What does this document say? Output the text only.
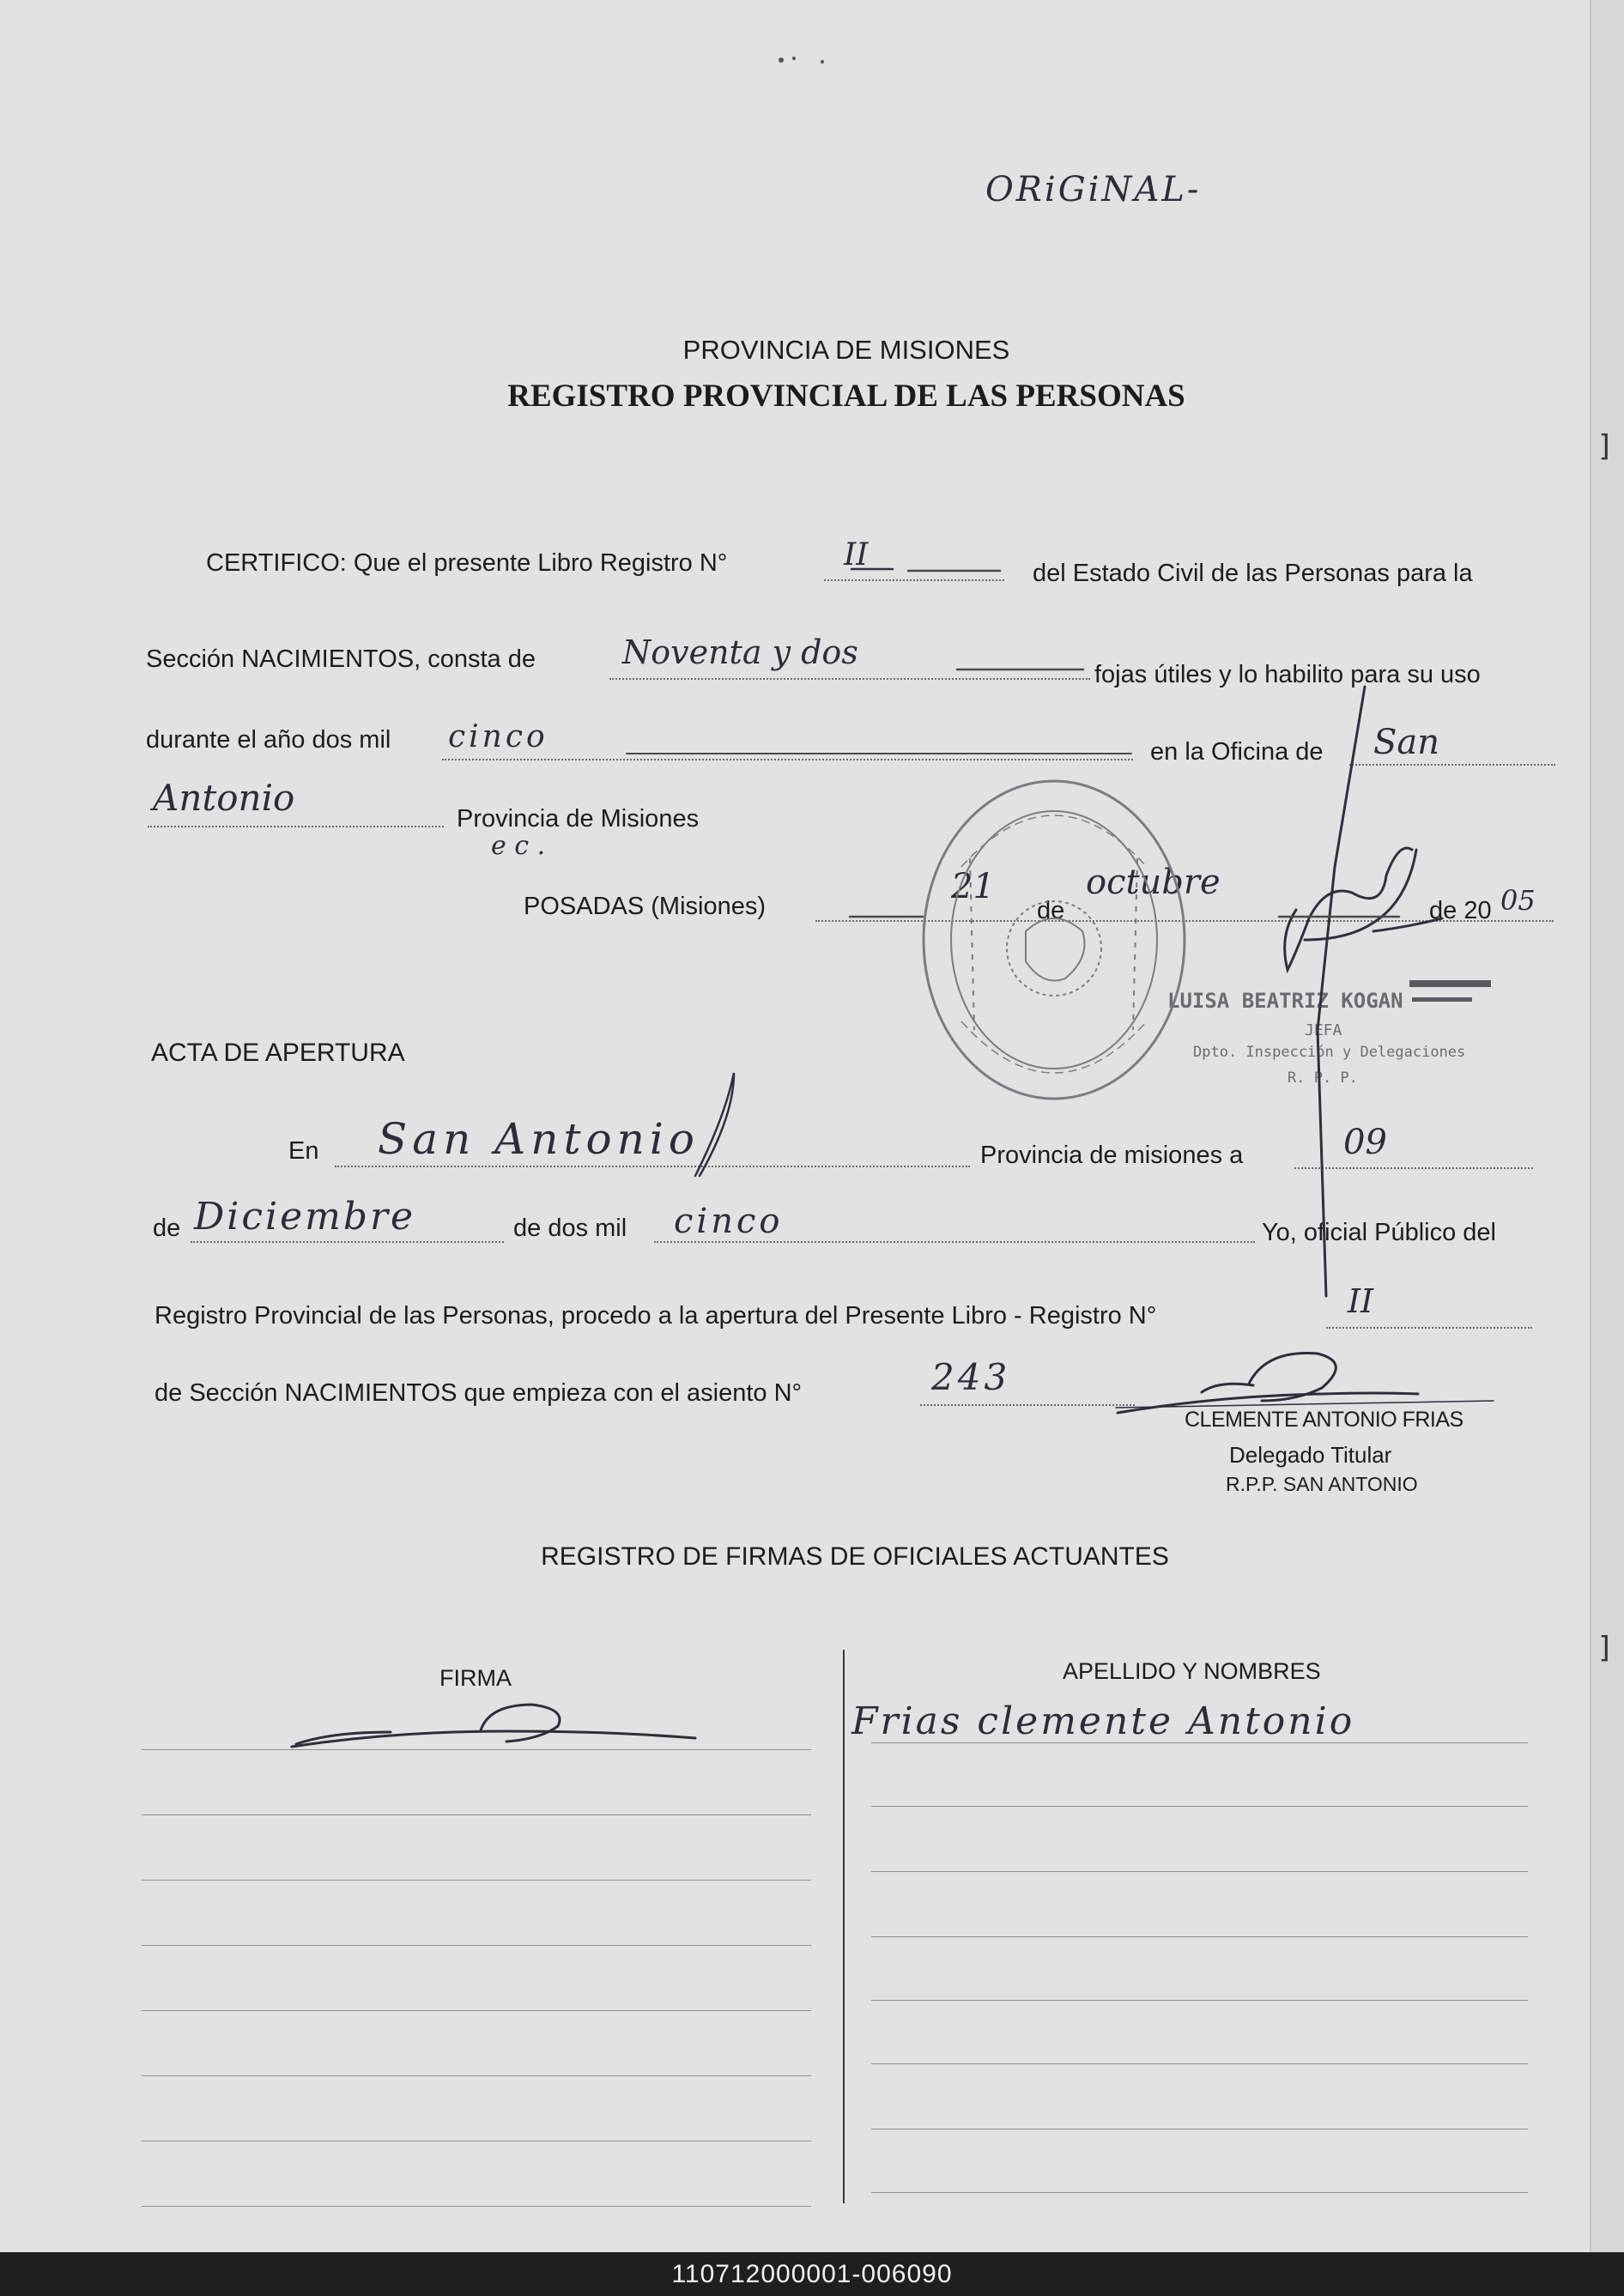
]
]
ORiGiNAL-
PROVINCIA DE MISIONES
REGISTRO PROVINCIAL DE LAS PERSONAS
CERTIFICO: Que el presente Libro Registro N°	II
del Estado Civil de las Personas para la
Sección NACIMIENTOS, consta de	Noventa y dos
fojas útiles y lo habilito para su uso
durante el año dos mil cinco	en la Oficina de San
Antonio	Provincia de Misiones
e c .
POSADAS (Misiones)	21
de
octubre
de 20 05
LUISA BEATRIZ KOGAN
JEFA
Dpto. Inspección y Delegaciones
R. P. P.
ACTA DE APERTURA
En San Antonio	Provincia de misiones a	09
de Diciembre	de dos mil cinco	Yo, oficial Público del
Registro Provincial de las Personas, procedo a la apertura del Presente Libro - Registro N°	II
de Sección NACIMIENTOS que empieza con el asiento N°	243
CLEMENTE ANTONIO FRIAS
Delegado Titular
R.P.P. SAN ANTONIO
REGISTRO DE FIRMAS DE OFICIALES ACTUANTES
FIRMA	APELLIDO Y NOMBRES
Frias clemente Antonio
110712000001-006090
